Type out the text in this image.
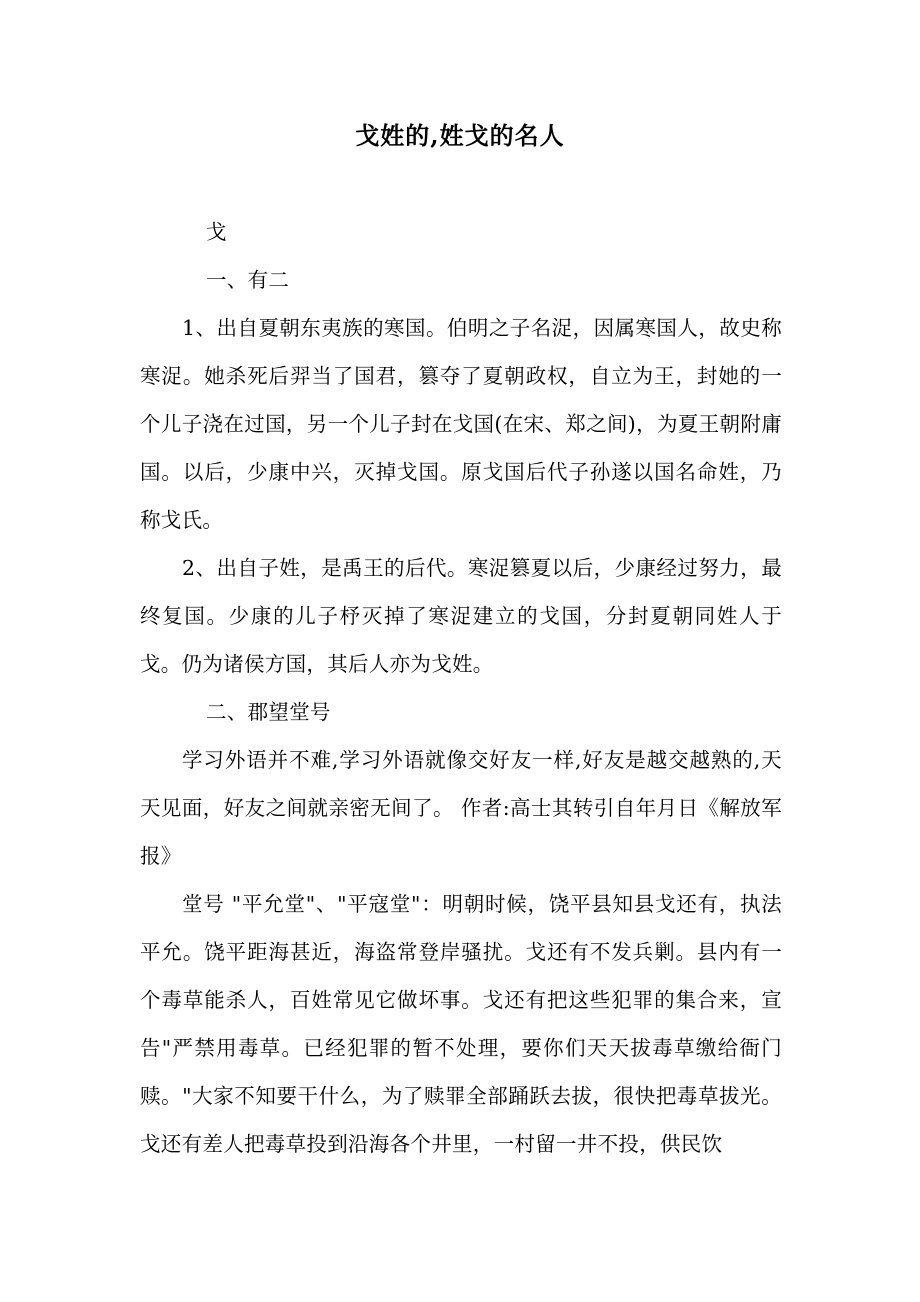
戈姓的,姓戈的名人

戈

一、有二

1、出自夏朝东夷族的寒国。伯明之子名浞，因属寒国人，故史称寒浞。她杀死后羿当了国君，篡夺了夏朝政权，自立为王，封她的一个儿子浇在过国，另一个儿子封在戈国(在宋、郑之间)，为夏王朝附庸国。以后，少康中兴，灭掉戈国。原戈国后代子孙遂以国名命姓，乃称戈氏。

2、出自子姓，是禹王的后代。寒浞篡夏以后，少康经过努力，最终复国。少康的儿子杼灭掉了寒浞建立的戈国，分封夏朝同姓人于戈。仍为诸侯方国，其后人亦为戈姓。

二、郡望堂号

学习外语并不难,学习外语就像交好友一样,好友是越交越熟的,天天见面，好友之间就亲密无间了。 作者:高士其转引自年月日《解放军报》

堂号 "平允堂"、"平寇堂"：明朝时候，饶平县知县戈还有，执法平允。饶平距海甚近，海盗常登岸骚扰。戈还有不发兵剿。县内有一个毒草能杀人，百姓常见它做坏事。戈还有把这些犯罪的集合来，宣告"严禁用毒草。已经犯罪的暂不处理，要你们天天拔毒草缴给衙门赎。"大家不知要干什么，为了赎罪全部踊跃去拔，很快把毒草拔光。戈还有差人把毒草投到沿海各个井里，一村留一井不投，供民饮
